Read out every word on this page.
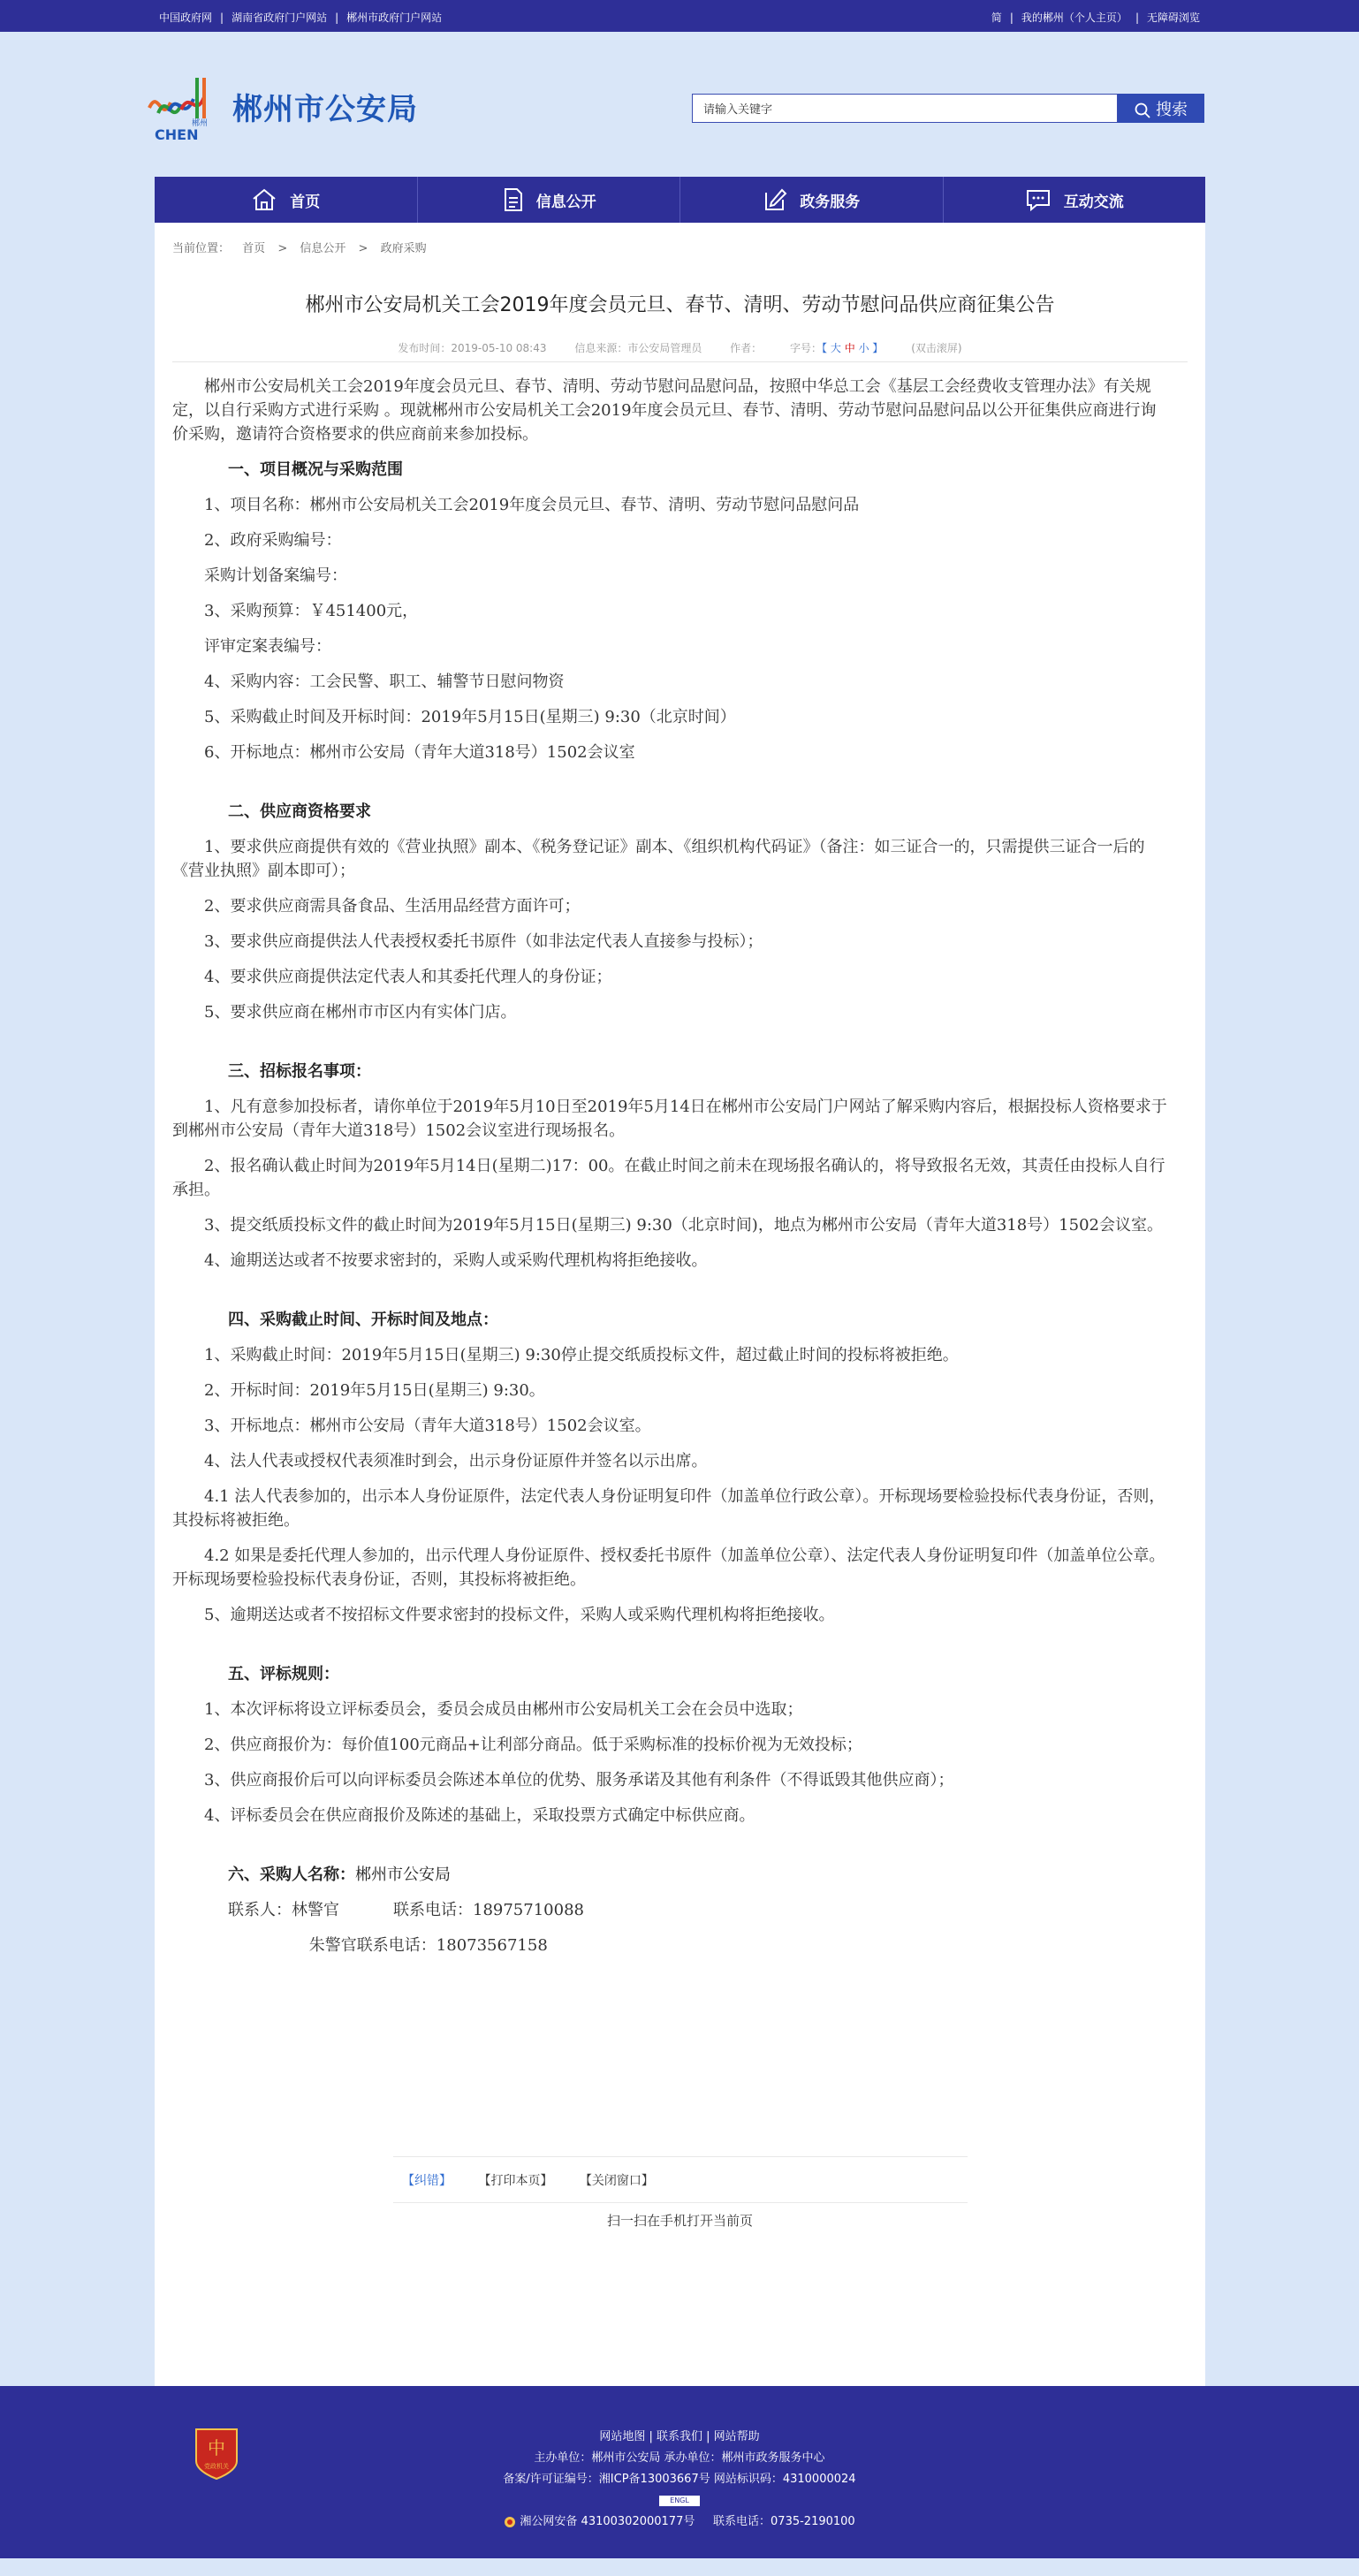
中国政府网 | 湖南省政府门户网站 | 郴州市政府门户网站	简 | 我的郴州（个人主页） | 无障碍浏览
郴州
CHEN
郴州市公安局
请输入关键字	搜索
首页	信息公开	政务服务	互动交流
当前位置： 首页 > 信息公开 > 政府采购
郴州市公安局机关工会2019年度会员元旦、春节、清明、劳动节慰问品供应商征集公告
发布时间：2019-05-10 08:43	信息来源：市公安局管理员	作者：	字号：【 大 中 小 】	(双击滚屏)

郴州市公安局机关工会2019年度会员元旦、春节、清明、劳动节慰问品慰问品，按照中华总工会《基层工会经费收支管理办法》有关规定，以自行采购方式进行采购 。现就郴州市公安局机关工会2019年度会员元旦、春节、清明、劳动节慰问品慰问品以公开征集供应商进行询价采购，邀请符合资格要求的供应商前来参加投标。

一、项目概况与采购范围

1、项目名称：郴州市公安局机关工会2019年度会员元旦、春节、清明、劳动节慰问品慰问品

2、政府采购编号：

采购计划备案编号：

3、采购预算：￥451400元，

评审定案表编号：

4、采购内容：工会民警、职工、辅警节日慰问物资

5、采购截止时间及开标时间：2019年5月15日(星期三) 9:30（北京时间）

6、开标地点：郴州市公安局（青年大道318号）1502会议室

二、供应商资格要求

1、要求供应商提供有效的《营业执照》副本、《税务登记证》副本、《组织机构代码证》（备注：如三证合一的，只需提供三证合一后的《营业执照》副本即可）；

2、要求供应商需具备食品、生活用品经营方面许可；

3、要求供应商提供法人代表授权委托书原件（如非法定代表人直接参与投标）；

4、要求供应商提供法定代表人和其委托代理人的身份证；

5、要求供应商在郴州市市区内有实体门店。

三、招标报名事项：

1、凡有意参加投标者，请你单位于2019年5月10日至2019年5月14日在郴州市公安局门户网站了解采购内容后，根据投标人资格要求于到郴州市公安局（青年大道318号）1502会议室进行现场报名。

2、报名确认截止时间为2019年5月14日(星期二)17：00。在截止时间之前未在现场报名确认的，将导致报名无效，其责任由投标人自行承担。

3、提交纸质投标文件的截止时间为2019年5月15日(星期三) 9:30（北京时间)，地点为郴州市公安局（青年大道318号）1502会议室。

4、逾期送达或者不按要求密封的，采购人或采购代理机构将拒绝接收。

四、采购截止时间、开标时间及地点：

1、采购截止时间：2019年5月15日(星期三) 9:30停止提交纸质投标文件，超过截止时间的投标将被拒绝。

2、开标时间：2019年5月15日(星期三) 9:30。

3、开标地点：郴州市公安局（青年大道318号）1502会议室。

4、法人代表或授权代表须准时到会，出示身份证原件并签名以示出席。

4.1 法人代表参加的，出示本人身份证原件，法定代表人身份证明复印件（加盖单位行政公章）。开标现场要检验投标代表身份证，否则，其投标将被拒绝。

4.2 如果是委托代理人参加的，出示代理人身份证原件、授权委托书原件（加盖单位公章）、法定代表人身份证明复印件（加盖单位公章。开标现场要检验投标代表身份证，否则，其投标将被拒绝。

5、逾期送达或者不按招标文件要求密封的投标文件，采购人或采购代理机构将拒绝接收。

五、评标规则：

1、本次评标将设立评标委员会，委员会成员由郴州市公安局机关工会在会员中选取；

2、供应商报价为：每价值100元商品+让利部分商品。低于采购标准的投标价视为无效投标；

3、供应商报价后可以向评标委员会陈述本单位的优势、服务承诺及其他有利条件（不得诋毁其他供应商）；

4、评标委员会在供应商报价及陈述的基础上，采取投票方式确定中标供应商。

六、采购人名称：郴州市公安局

联系人：林警官	联系电话：18975710088

朱警官联系电话：18073567158

【纠错】 【打印本页】 【关闭窗口】
扫一扫在手机打开当前页
中
党政机关
网站地图 | 联系我们 | 网站帮助
主办单位：郴州市公安局 承办单位：郴州市政务服务中心
备案/许可证编号：湘ICP备13003667号 网站标识码：4310000024
ENGL
湘公网安备 43100302000177号 联系电话：0735-2190100
